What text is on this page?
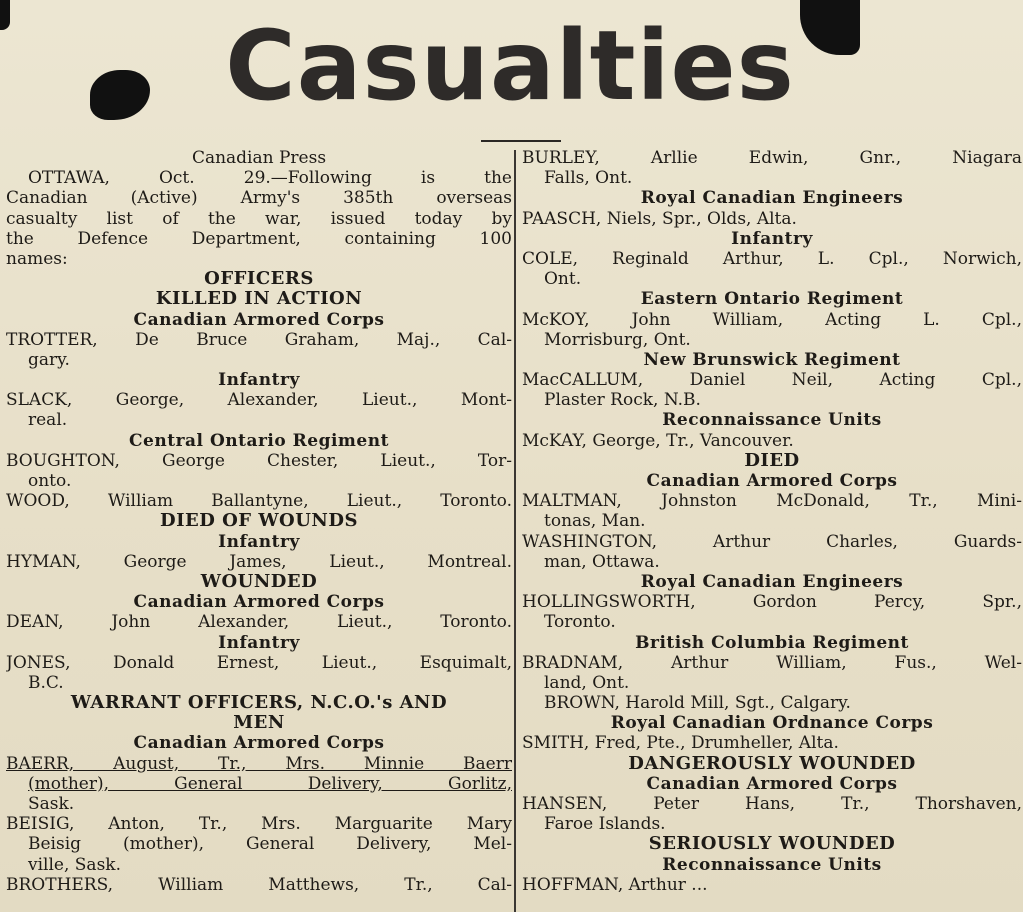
Casualties
Canadian Press
OTTAWA, Oct. 29.—Following is the
Canadian (Active) Army's 385th overseas
casualty list of the war, issued today by
the Defence Department, containing 100
names:
OFFICERS
KILLED IN ACTION
Canadian Armored Corps
TROTTER, De Bruce Graham, Maj., Cal-
gary.
Infantry
SLACK, George, Alexander, Lieut., Mont-
real.
Central Ontario Regiment
BOUGHTON, George Chester, Lieut., Tor-
onto.
WOOD, William Ballantyne, Lieut., Toronto.
DIED OF WOUNDS
Infantry
HYMAN, George James, Lieut., Montreal.
WOUNDED
Canadian Armored Corps
DEAN, John Alexander, Lieut., Toronto.
Infantry
JONES, Donald Ernest, Lieut., Esquimalt,
B.C.
WARRANT OFFICERS, N.C.O.'s AND
MEN
Canadian Armored Corps
BAERR, August, Tr., Mrs. Minnie Baerr
(mother), General Delivery, Gorlitz,
Sask.
BEISIG, Anton, Tr., Mrs. Marguarite Mary
Beisig (mother), General Delivery, Mel-
ville, Sask.
BROTHERS, William Matthews, Tr., Cal-
BURLEY, Arllie Edwin, Gnr., Niagara
Falls, Ont.
Royal Canadian Engineers
PAASCH, Niels, Spr., Olds, Alta.
Infantry
COLE, Reginald Arthur, L. Cpl., Norwich,
Ont.
Eastern Ontario Regiment
McKOY, John William, Acting L. Cpl.,
Morrisburg, Ont.
New Brunswick Regiment
MacCALLUM, Daniel Neil, Acting Cpl.,
Plaster Rock, N.B.
Reconnaissance Units
McKAY, George, Tr., Vancouver.
DIED
Canadian Armored Corps
MALTMAN, Johnston McDonald, Tr., Mini-
tonas, Man.
WASHINGTON, Arthur Charles, Guards-
man, Ottawa.
Royal Canadian Engineers
HOLLINGSWORTH, Gordon Percy, Spr.,
Toronto.
British Columbia Regiment
BRADNAM, Arthur William, Fus., Wel-
land, Ont.
BROWN, Harold Mill, Sgt., Calgary.
Royal Canadian Ordnance Corps
SMITH, Fred, Pte., Drumheller, Alta.
DANGEROUSLY WOUNDED
Canadian Armored Corps
HANSEN, Peter Hans, Tr., Thorshaven,
Faroe Islands.
SERIOUSLY WOUNDED
Reconnaissance Units
HOFFMAN, Arthur ...
